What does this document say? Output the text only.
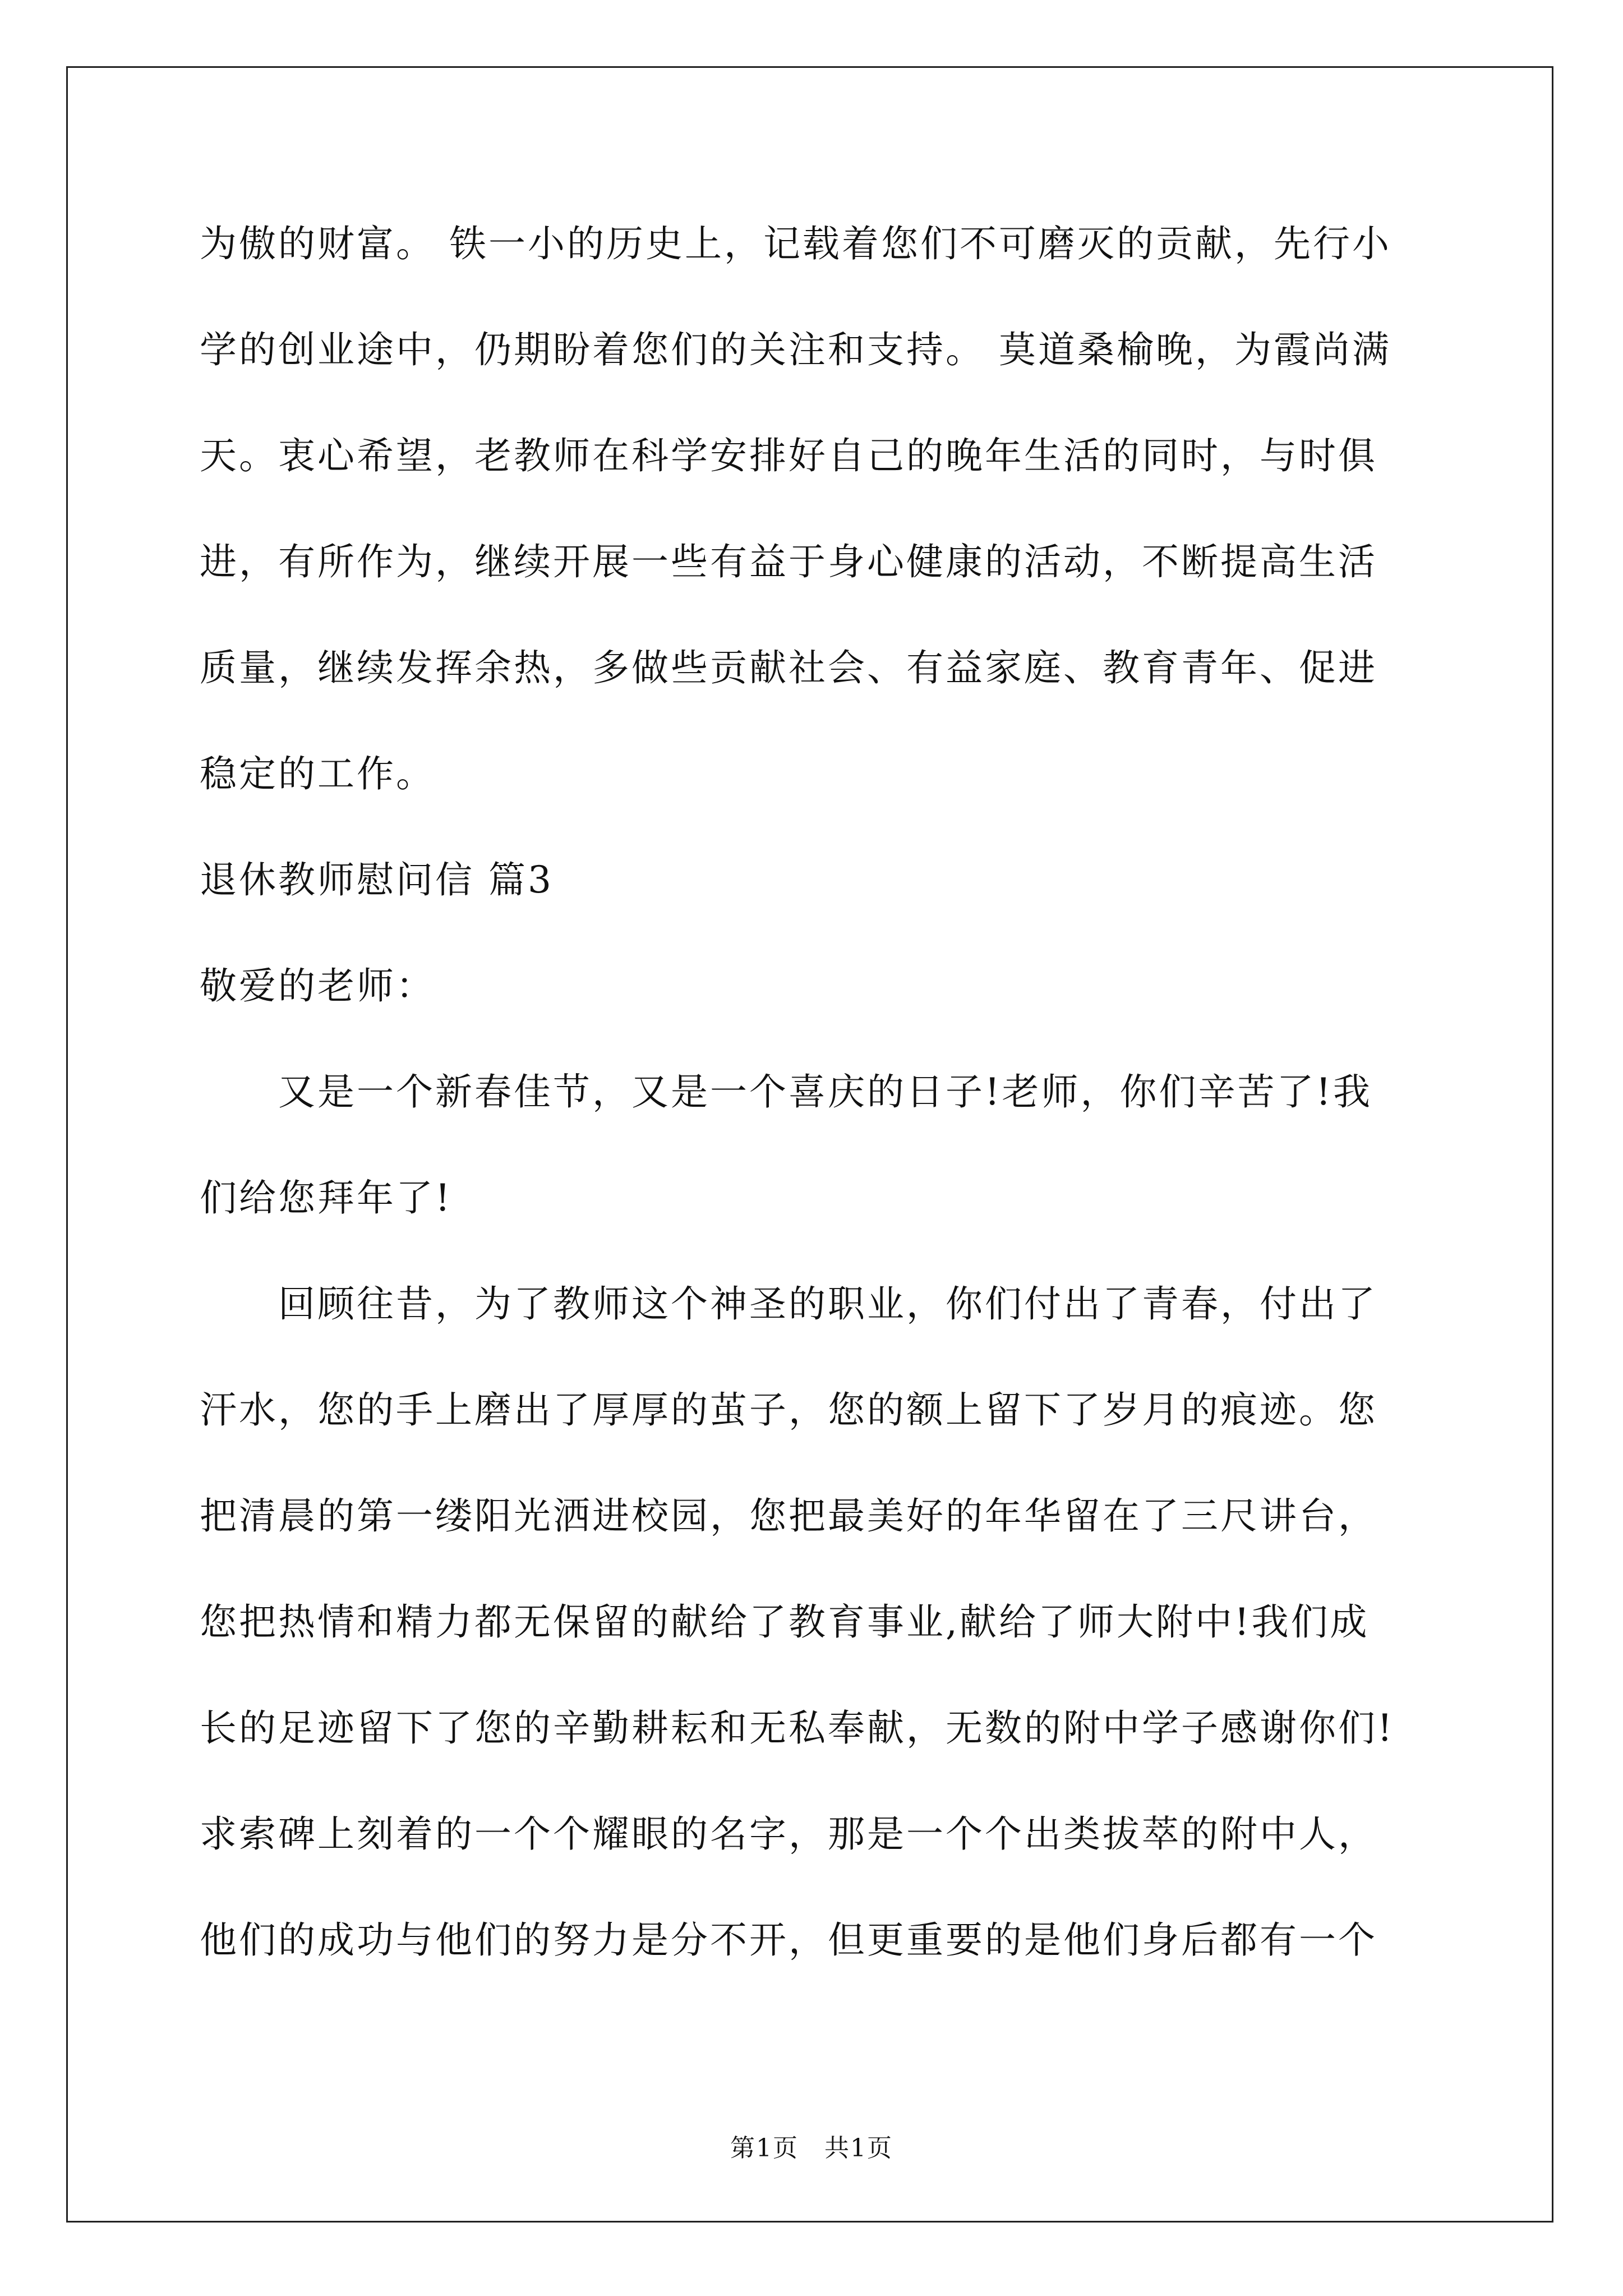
为傲的财富。 铁一小的历史上，记载着您们不可磨灭的贡献，先行小
学的创业途中，仍期盼着您们的关注和支持。 莫道桑榆晚，为霞尚满
天。衷心希望，老教师在科学安排好自己的晚年生活的同时，与时俱
进，有所作为，继续开展一些有益于身心健康的活动，不断提高生活
质量，继续发挥余热，多做些贡献社会、有益家庭、教育青年、促进
稳定的工作。
退休教师慰问信 篇3
敬爱的老师：
　　又是一个新春佳节，又是一个喜庆的日子!老师，你们辛苦了!我
们给您拜年了!
　　回顾往昔，为了教师这个神圣的职业，你们付出了青春，付出了
汗水，您的手上磨出了厚厚的茧子，您的额上留下了岁月的痕迹。您
把清晨的第一缕阳光洒进校园，您把最美好的年华留在了三尺讲台，
您把热情和精力都无保留的献给了教育事业,献给了师大附中!我们成
长的足迹留下了您的辛勤耕耘和无私奉献，无数的附中学子感谢你们!
求索碑上刻着的一个个耀眼的名字，那是一个个出类拔萃的附中人，
他们的成功与他们的努力是分不开，但更重要的是他们身后都有一个
第1页　共1页
